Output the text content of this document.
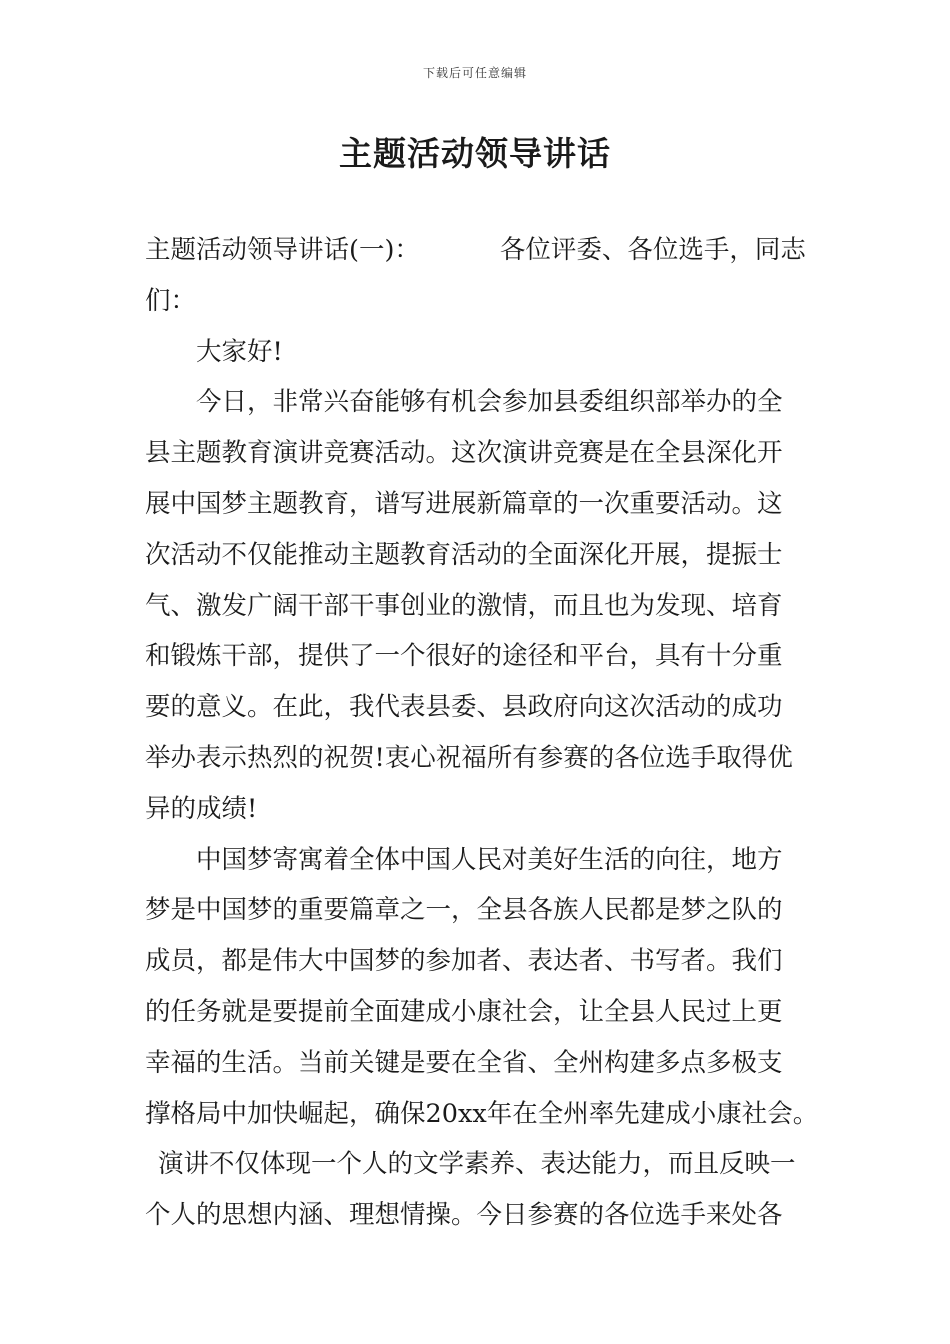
下载后可任意编辑
主题活动领导讲话
主题活动领导讲话(一)：	各位评委、各位选手，同志
们：
大家好!
今日，非常兴奋能够有机会参加县委组织部举办的全
县主题教育演讲竞赛活动。这次演讲竞赛是在全县深化开
展中国梦主题教育，谱写进展新篇章的一次重要活动。这
次活动不仅能推动主题教育活动的全面深化开展，提振士
气、激发广阔干部干事创业的激情，而且也为发现、培育
和锻炼干部，提供了一个很好的途径和平台，具有十分重
要的意义。在此，我代表县委、县政府向这次活动的成功
举办表示热烈的祝贺!衷心祝福所有参赛的各位选手取得优
异的成绩!
中国梦寄寓着全体中国人民对美好生活的向往，地方
梦是中国梦的重要篇章之一，全县各族人民都是梦之队的
成员，都是伟大中国梦的参加者、表达者、书写者。我们
的任务就是要提前全面建成小康社会，让全县人民过上更
幸福的生活。当前关键是要在全省、全州构建多点多极支
撑格局中加快崛起，确保20xx年在全州率先建成小康社会。
演讲不仅体现一个人的文学素养、表达能力，而且反映一
个人的思想内涵、理想情操。今日参赛的各位选手来处各
